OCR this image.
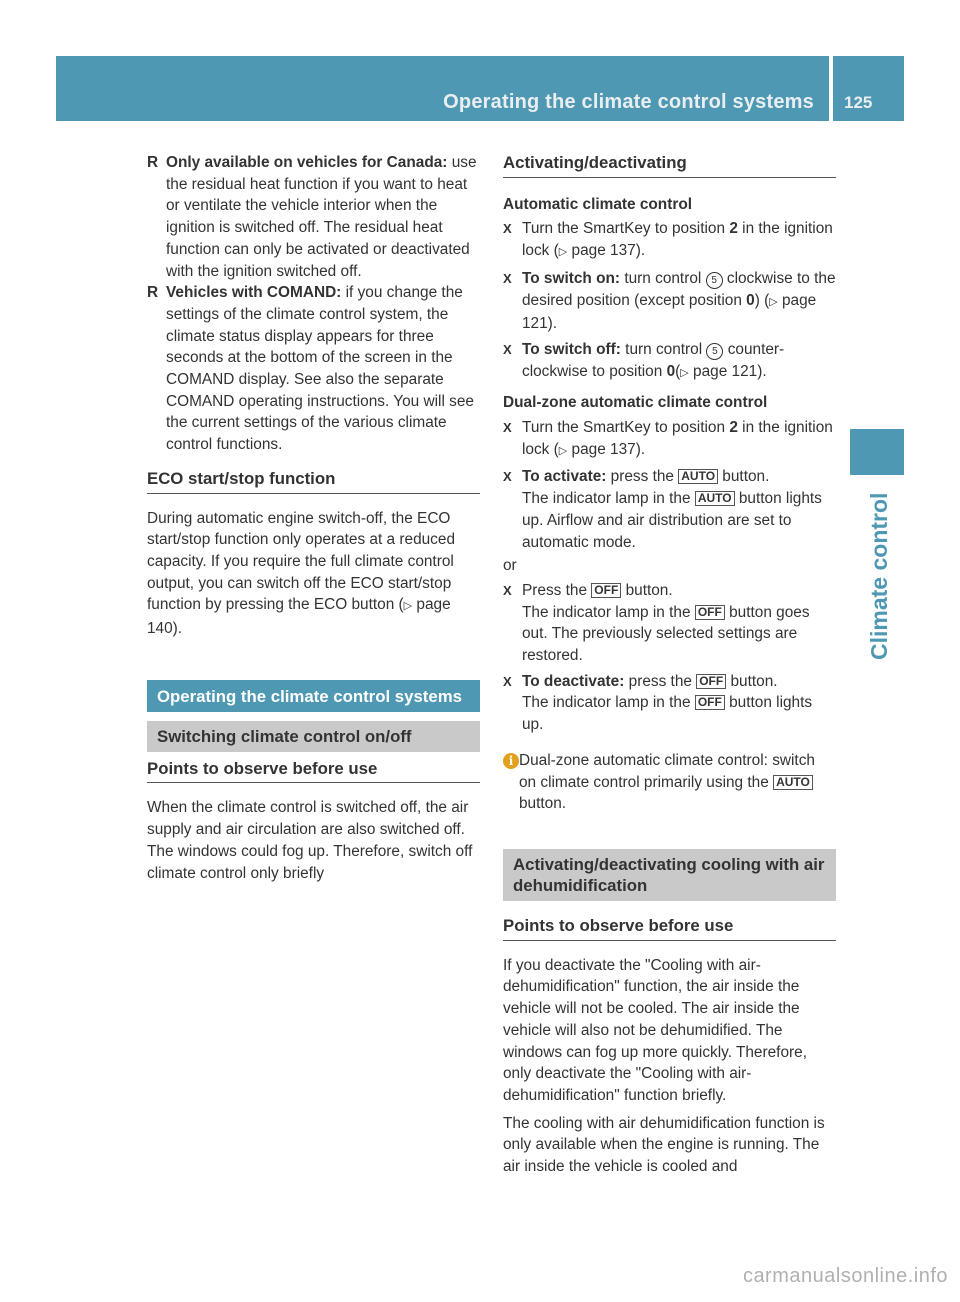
Operating the climate control systems 125
Climate control
R Only available on vehicles for Canada: use the residual heat function if you want to heat or ventilate the vehicle interior when the ignition is switched off. The residual heat function can only be activated or deactivated with the ignition switched off.
R Vehicles with COMAND: if you change the settings of the climate control system, the climate status display appears for three seconds at the bottom of the screen in the COMAND display. See also the separate COMAND operating instructions. You will see the current settings of the various climate control functions.
ECO start/stop function

During automatic engine switch-off, the ECO start/stop function only operates at a reduced capacity. If you require the full climate control output, you can switch off the ECO start/stop function by pressing the ECO button (▷ page 140).

Operating the climate control systems
Switching climate control on/off
Points to observe before use

When the climate control is switched off, the air supply and air circulation are also switched off. The windows could fog up. Therefore, switch off climate control only briefly

Activating/deactivating
Automatic climate control
X Turn the SmartKey to position 2 in the ignition lock (▷ page 137).
X To switch on: turn control 5 clockwise to the desired position (except position 0) (▷ page 121).
X To switch off: turn control 5 counter-clockwise to position 0(▷ page 121).
Dual-zone automatic climate control
X Turn the SmartKey to position 2 in the ignition lock (▷ page 137).
X To activate: press the AUTO button.
The indicator lamp in the AUTO button lights up. Airflow and air distribution are set to automatic mode.
or
X Press the OFF button.
The indicator lamp in the OFF button goes out. The previously selected settings are restored.
X To deactivate: press the OFF button.
The indicator lamp in the OFF button lights up.
i Dual-zone automatic climate control: switch on climate control primarily using the AUTO button.
Activating/deactivating cooling with air dehumidification
Points to observe before use

If you deactivate the "Cooling with air-dehumidification" function, the air inside the vehicle will not be cooled. The air inside the vehicle will also not be dehumidified. The windows can fog up more quickly. Therefore, only deactivate the "Cooling with air-dehumidification" function briefly.

The cooling with air dehumidification function is only available when the engine is running. The air inside the vehicle is cooled and

carmanualsonline.info
